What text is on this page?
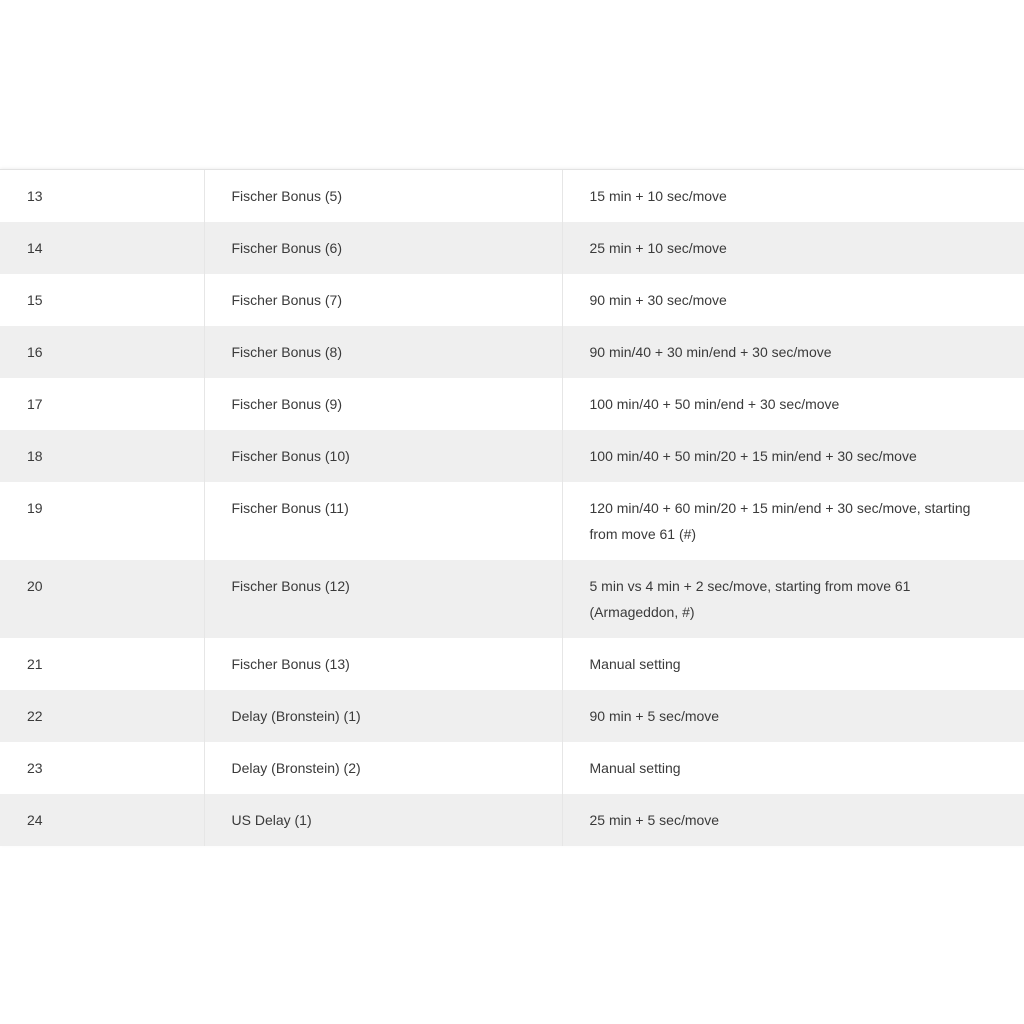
13	Fischer Bonus (5)	15 min + 10 sec/move
14	Fischer Bonus (6)	25 min + 10 sec/move
15	Fischer Bonus (7)	90 min + 30 sec/move
16	Fischer Bonus (8)	90 min/40 + 30 min/end + 30 sec/move
17	Fischer Bonus (9)	100 min/40 + 50 min/end + 30 sec/move
18	Fischer Bonus (10)	100 min/40 + 50 min/20 + 15 min/end + 30 sec/move
19	Fischer Bonus (11)	120 min/40 + 60 min/20 + 15 min/end + 30 sec/move, starting from move 61 (#)
20	Fischer Bonus (12)	5 min vs 4 min + 2 sec/move, starting from move 61 (Armageddon, #)
21	Fischer Bonus (13)	Manual setting
22	Delay (Bronstein) (1)	90 min + 5 sec/move
23	Delay (Bronstein) (2)	Manual setting
24	US Delay (1)	25 min + 5 sec/move
